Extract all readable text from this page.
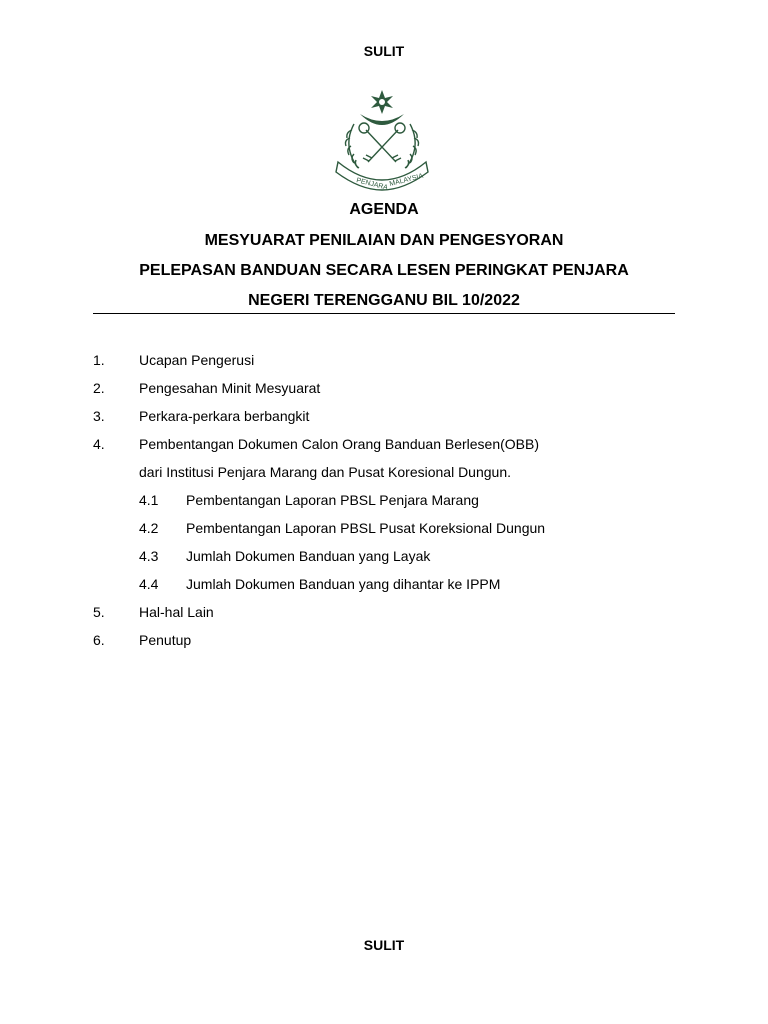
SULIT
PENJARA MALAYSIA
AGENDA
MESYUARAT PENILAIAN DAN PENGESYORAN
PELEPASAN BANDUAN SECARA LESEN PERINGKAT PENJARA
NEGERI TERENGGANU BIL 10/2022
1. Ucapan Pengerusi
2. Pengesahan Minit Mesyuarat
3. Perkara-perkara berbangkit
4. Pembentangan Dokumen Calon Orang Banduan Berlesen(OBB)
dari Institusi Penjara Marang dan Pusat Koresional Dungun.
4.1 Pembentangan Laporan PBSL Penjara Marang
4.2 Pembentangan Laporan PBSL Pusat Koreksional Dungun
4.3 Jumlah Dokumen Banduan yang Layak
4.4 Jumlah Dokumen Banduan yang dihantar ke IPPM
5. Hal-hal Lain
6. Penutup
SULIT
